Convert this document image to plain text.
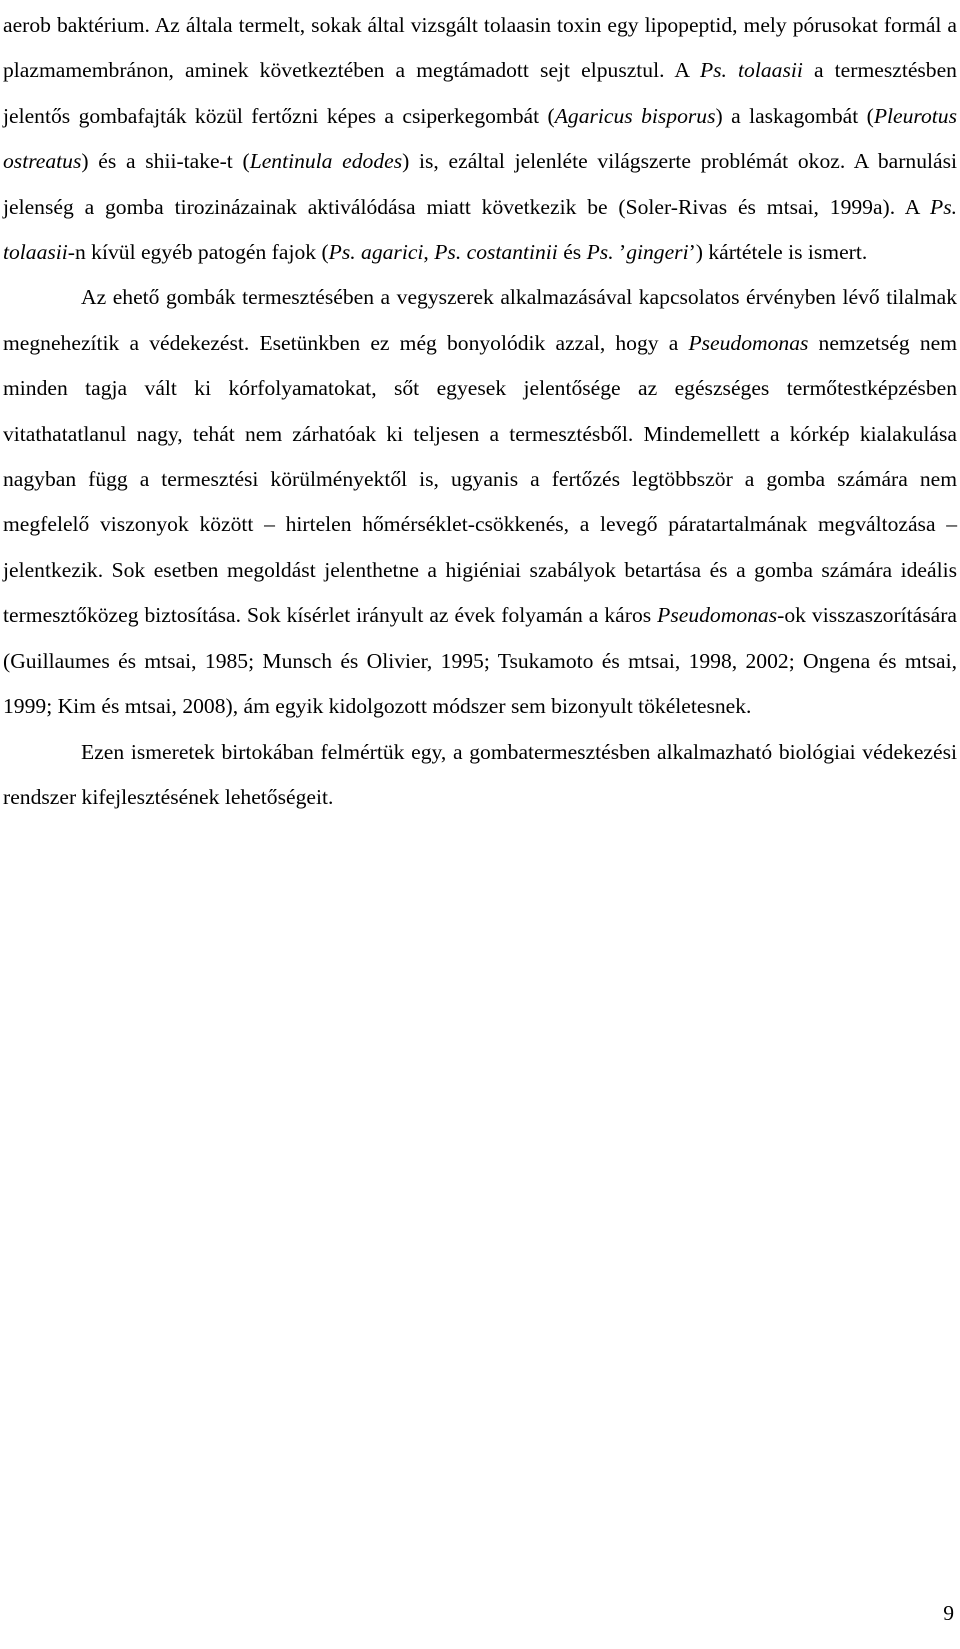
aerob baktérium. Az általa termelt, sokak által vizsgált tolaasin toxin egy lipopeptid, mely pórusokat formál a plazmamembránon, aminek következtében a megtámadott sejt elpusztul. A Ps. tolaasii a termesztésben jelentős gombafajták közül fertőzni képes a csiperkegombát (Agaricus bisporus) a laskagombát (Pleurotus ostreatus) és a shii-take-t (Lentinula edodes) is, ezáltal jelenléte világszerte problémát okoz. A barnulási jelenség a gomba tirozinázainak aktiválódása miatt következik be (Soler-Rivas és mtsai, 1999a). A Ps. tolaasii-n kívül egyéb patogén fajok (Ps. agarici, Ps. costantinii és Ps. ’gingeri’) kártétele is ismert.

Az ehető gombák termesztésében a vegyszerek alkalmazásával kapcsolatos érvényben lévő tilalmak megnehezítik a védekezést. Esetünkben ez még bonyolódik azzal, hogy a Pseudomonas nemzetség nem minden tagja vált ki kórfolyamatokat, sőt egyesek jelentősége az egészséges termőtestképzésben vitathatatlanul nagy, tehát nem zárhatóak ki teljesen a termesztésből. Mindemellett a kórkép kialakulása nagyban függ a termesztési körülményektől is, ugyanis a fertőzés legtöbbször a gomba számára nem megfelelő viszonyok között – hirtelen hőmérséklet-csökkenés, a levegő páratartalmának megváltozása – jelentkezik. Sok esetben megoldást jelenthetne a higiéniai szabályok betartása és a gomba számára ideális termesztőközeg biztosítása. Sok kísérlet irányult az évek folyamán a káros Pseudomonas-ok visszaszorítására (Guillaumes és mtsai, 1985; Munsch és Olivier, 1995; Tsukamoto és mtsai, 1998, 2002; Ongena és mtsai, 1999; Kim és mtsai, 2008), ám egyik kidolgozott módszer sem bizonyult tökéletesnek.

Ezen ismeretek birtokában felmértük egy, a gombatermesztésben alkalmazható biológiai védekezési rendszer kifejlesztésének lehetőségeit.

9
